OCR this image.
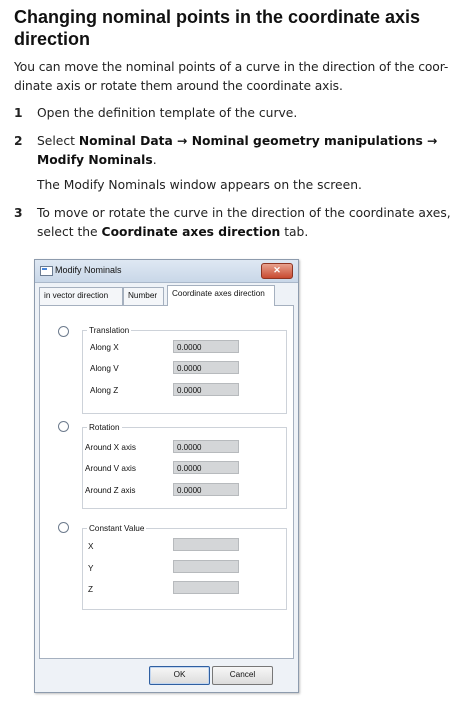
Changing nominal points in the coordinate axis direction
You can move the nominal points of a curve in the direction of the coor-dinate axis or rotate them around the coordinate axis.
1	Open the definition template of the curve.
2	Select Nominal Data → Nominal geometry manipulations → Modify Nominals.
The Modify Nominals window appears on the screen.
3	To move or rotate the curve in the direction of the coordinate axes, select the Coordinate axes direction tab.
Modify Nominals	✕
in vector direction	Number	Coordinate axes direction
Translation
Along X	0.0000
Along V	0.0000
Along Z	0.0000
Rotation
Around X axis	0.0000
Around V axis	0.0000
Around Z axis	0.0000
Constant Value
X
Y
Z
OK	Cancel
